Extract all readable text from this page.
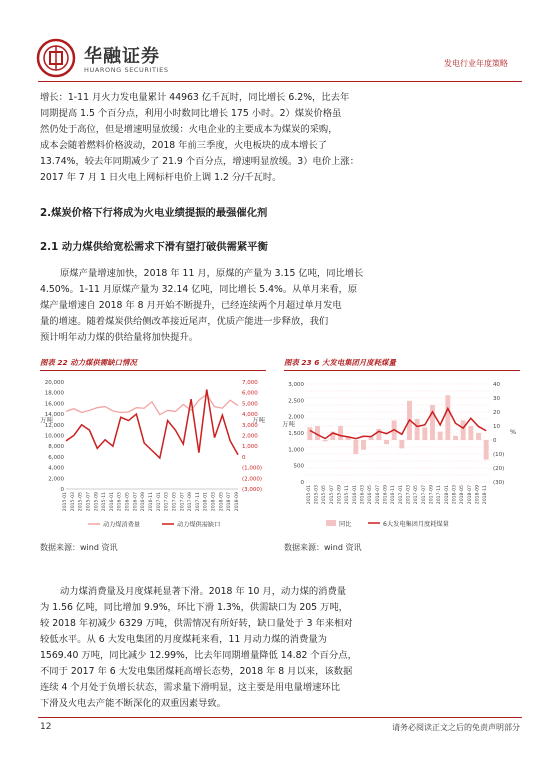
华融证券
HUARONG SECURITIES
发电行业年度策略
增长：1-11 月火力发电量累计 44963 亿千瓦时，同比增长 6.2%，比去年
同期提高 1.5 个百分点，利用小时数同比增长 175 小时。2）煤炭价格虽
然仍处于高位，但是增速明显放缓：火电企业的主要成本为煤炭的采购，
成本会随着燃料价格波动，2018 年前三季度，火电板块的成本增长了
13.74%，较去年同期减少了 21.9 个百分点，增速明显放缓。3）电价上涨：
2017 年 7 月 1 日火电上网标杆电价上调 1.2 分/千瓦时。
2.煤炭价格下行将成为火电业绩提振的最强催化剂
2.1 动力煤供给宽松需求下滑有望打破供需紧平衡
原煤产量增速加快，2018 年 11 月，原煤的产量为 3.15 亿吨，同比增长
4.50%。1-11 月原煤产量为 32.14 亿吨，同比增长 5.4%。从单月来看，原
煤产量增速自 2018 年 8 月开始不断提升，已经连续两个月超过单月发电
量的增速。随着煤炭供给侧改革接近尾声，优质产能进一步释放，我们
预计明年动力煤的供给量将加快提升。
图表 22 动力煤供需缺口情况	图表 23 6 大发电集团月度耗煤量
20,000
18,000
16,000
14,000
12,000
10,000
8,000
6,000
4,000
2,000
0
7,000
6,000
5,000
4,000
3,000
2,000
1,000
0
(1,000)
(2,000)
(3,000)
2015-01 2015-03 2015-05 2015-07 2015-09 2015-11 2016-01 2016-03 2016-05 2016-07 2016-09 2016-11 2017-01 2017-03 2017-05 2017-07 2017-09 2017-11 2018-01 2018-03 2018-05 2018-07 2018-09
万吨	万吨
动力煤消费量	动力煤供需缺口
3,000
2,500
2,000
1,500
1,000
500
0
40
30
20
10
0
(10)
(20)
(30)
2015-01 2015-03 2015-05 2015-07 2015-09 2015-11 2016-01 2016-03 2016-05 2016-07 2016-09 2016-11 2017-01 2017-03 2017-05 2017-07 2017-09 2017-11 2018-01 2018-03 2018-05 2018-07 2018-09 2018-11
万吨
%
同比	6大发电集团月度耗煤量
数据来源：wind 资讯	数据来源：wind 资讯
动力煤消费量及月度煤耗显著下滑。2018 年 10 月，动力煤的消费量
为 1.56 亿吨，同比增加 9.9%，环比下滑 1.3%，供需缺口为 205 万吨，
较 2018 年初减少 6329 万吨，供需情况有所好转，缺口量处于 3 年来相对
较低水平。从 6 大发电集团的月度煤耗来看，11 月动力煤的消费量为
1569.40 万吨，同比减少 12.99%，比去年同期增量降低 14.82 个百分点，
不同于 2017 年 6 大发电集团煤耗高增长态势，2018 年 8 月以来，该数据
连续 4 个月处于负增长状态，需求量下滑明显，这主要是用电量增速环比
下滑及火电去产能不断深化的双重因素导致。
12	请务必阅读正文之后的免责声明部分
